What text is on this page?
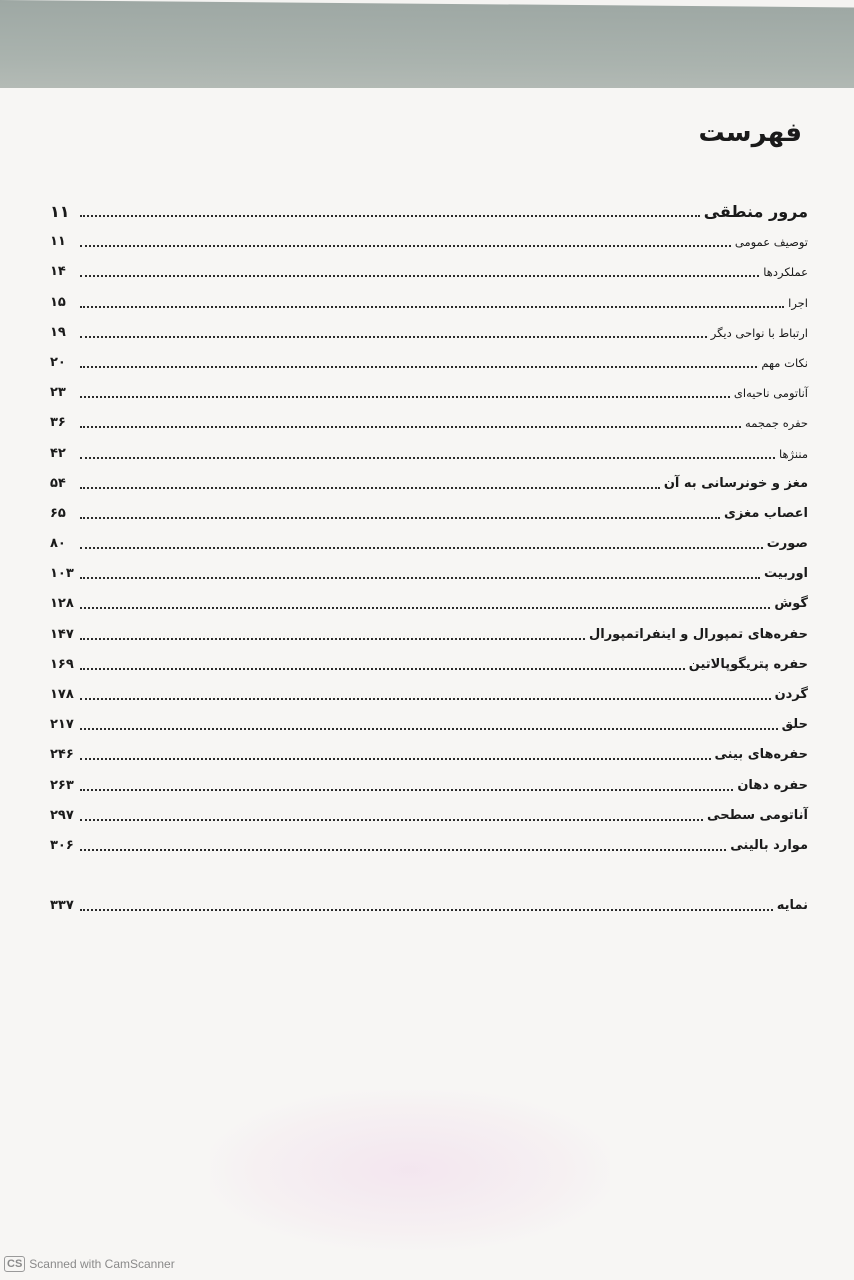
فهرست
مرور منطقی
۱۱
توصیف عمومی
۱۱
عملکردها
۱۴
اجرا
۱۵
ارتباط با نواحی دیگر
۱۹
نکات مهم
۲۰
آناتومی ناحیه‌ای
۲۳
حفره جمجمه
۳۶
مننژها
۴۲
مغز و خونرسانی به آن
۵۴
اعصاب مغزی
۶۵
صورت
۸۰
اوربیت
۱۰۳
گوش
۱۲۸
حفره‌های تمپورال و اینفراتمپورال
۱۴۷
حفره پتریگوپالاتین
۱۶۹
گردن
۱۷۸
حلق
۲۱۷
حفره‌های بینی
۲۴۶
حفره دهان
۲۶۳
آناتومی سطحی
۲۹۷
موارد بالینی
۳۰۶
نمایه
۳۳۷
CS Scanned with CamScanner
